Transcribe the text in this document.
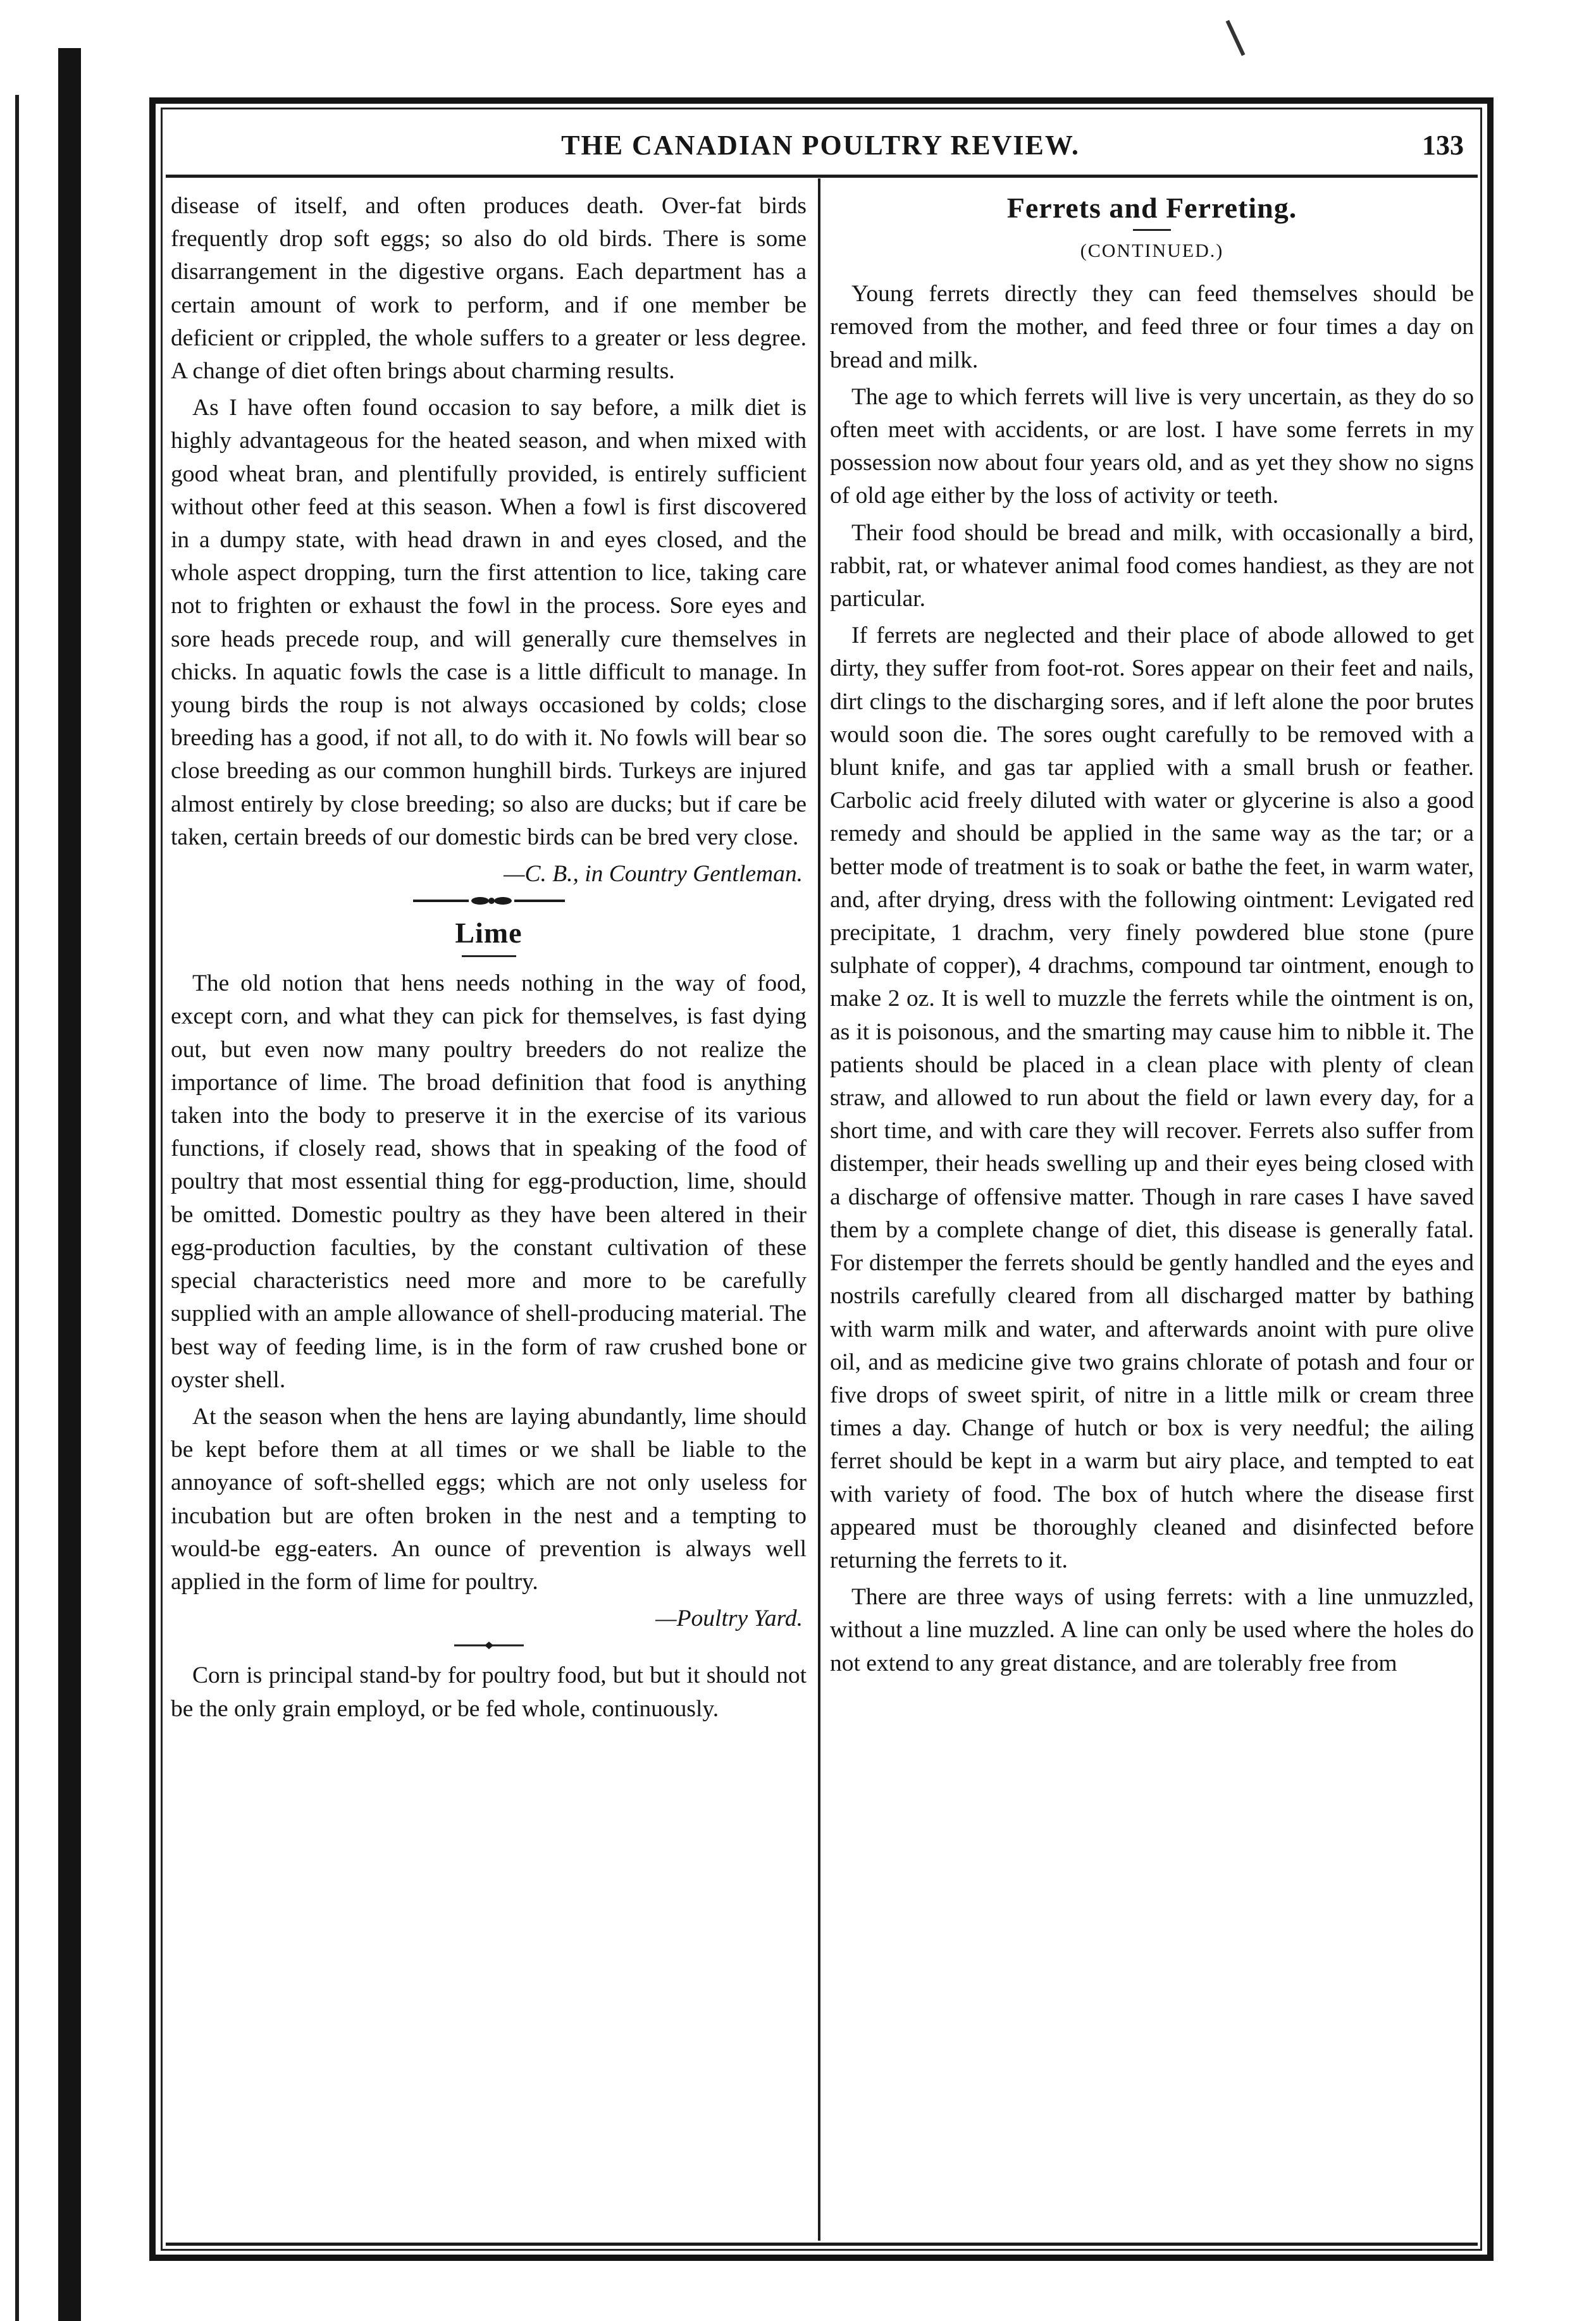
THE CANADIAN POULTRY REVIEW.	133

disease of itself, and often produces death. Over-fat birds frequently drop soft eggs; so also do old birds. There is some disarrangement in the digestive organs. Each department has a certain amount of work to perform, and if one member be deficient or crippled, the whole suffers to a greater or less degree. A change of diet often brings about charming results.

As I have often found occasion to say before, a milk diet is highly advantageous for the heated season, and when mixed with good wheat bran, and plentifully provided, is entirely sufficient without other feed at this season. When a fowl is first discovered in a dumpy state, with head drawn in and eyes closed, and the whole aspect dropping, turn the first attention to lice, taking care not to frighten or exhaust the fowl in the process. Sore eyes and sore heads precede roup, and will generally cure themselves in chicks. In aquatic fowls the case is a little difficult to manage. In young birds the roup is not always occasioned by colds; close breeding has a good, if not all, to do with it. No fowls will bear so close breeding as our common hunghill birds. Turkeys are injured almost entirely by close breeding; so also are ducks; but if care be taken, certain breeds of our domestic birds can be bred very close.

—C. B., in Country Gentleman.

Lime

The old notion that hens needs nothing in the way of food, except corn, and what they can pick for themselves, is fast dying out, but even now many poultry breeders do not realize the importance of lime. The broad definition that food is anything taken into the body to preserve it in the exercise of its various functions, if closely read, shows that in speaking of the food of poultry that most essential thing for egg-production, lime, should be omitted. Domestic poultry as they have been altered in their egg-production faculties, by the constant cultivation of these special characteristics need more and more to be carefully supplied with an ample allowance of shell-producing material. The best way of feeding lime, is in the form of raw crushed bone or oyster shell.

At the season when the hens are laying abundantly, lime should be kept before them at all times or we shall be liable to the annoyance of soft-shelled eggs; which are not only useless for incubation but are often broken in the nest and a tempting to would-be egg-eaters. An ounce of prevention is always well applied in the form of lime for poultry.

—Poultry Yard.

Corn is principal stand-by for poultry food, but but it should not be the only grain employd, or be fed whole, continuously.

Ferrets and Ferreting.
(CONTINUED.)

Young ferrets directly they can feed themselves should be removed from the mother, and feed three or four times a day on bread and milk.

The age to which ferrets will live is very uncertain, as they do so often meet with accidents, or are lost. I have some ferrets in my possession now about four years old, and as yet they show no signs of old age either by the loss of activity or teeth.

Their food should be bread and milk, with occasionally a bird, rabbit, rat, or whatever animal food comes handiest, as they are not particular.

If ferrets are neglected and their place of abode allowed to get dirty, they suffer from foot-rot. Sores appear on their feet and nails, dirt clings to the discharging sores, and if left alone the poor brutes would soon die. The sores ought carefully to be removed with a blunt knife, and gas tar applied with a small brush or feather. Carbolic acid freely diluted with water or glycerine is also a good remedy and should be applied in the same way as the tar; or a better mode of treatment is to soak or bathe the feet, in warm water, and, after drying, dress with the following ointment: Levigated red precipitate, 1 drachm, very finely powdered blue stone (pure sulphate of copper), 4 drachms, compound tar ointment, enough to make 2 oz. It is well to muzzle the ferrets while the ointment is on, as it is poisonous, and the smarting may cause him to nibble it. The patients should be placed in a clean place with plenty of clean straw, and allowed to run about the field or lawn every day, for a short time, and with care they will recover. Ferrets also suffer from distemper, their heads swelling up and their eyes being closed with a discharge of offensive matter. Though in rare cases I have saved them by a complete change of diet, this disease is generally fatal. For distemper the ferrets should be gently handled and the eyes and nostrils carefully cleared from all discharged matter by bathing with warm milk and water, and afterwards anoint with pure olive oil, and as medicine give two grains chlorate of potash and four or five drops of sweet spirit, of nitre in a little milk or cream three times a day. Change of hutch or box is very needful; the ailing ferret should be kept in a warm but airy place, and tempted to eat with variety of food. The box of hutch where the disease first appeared must be thoroughly cleaned and disinfected before returning the ferrets to it.

There are three ways of using ferrets: with a line unmuzzled, without a line muzzled. A line can only be used where the holes do not extend to any great distance, and are tolerably free from
